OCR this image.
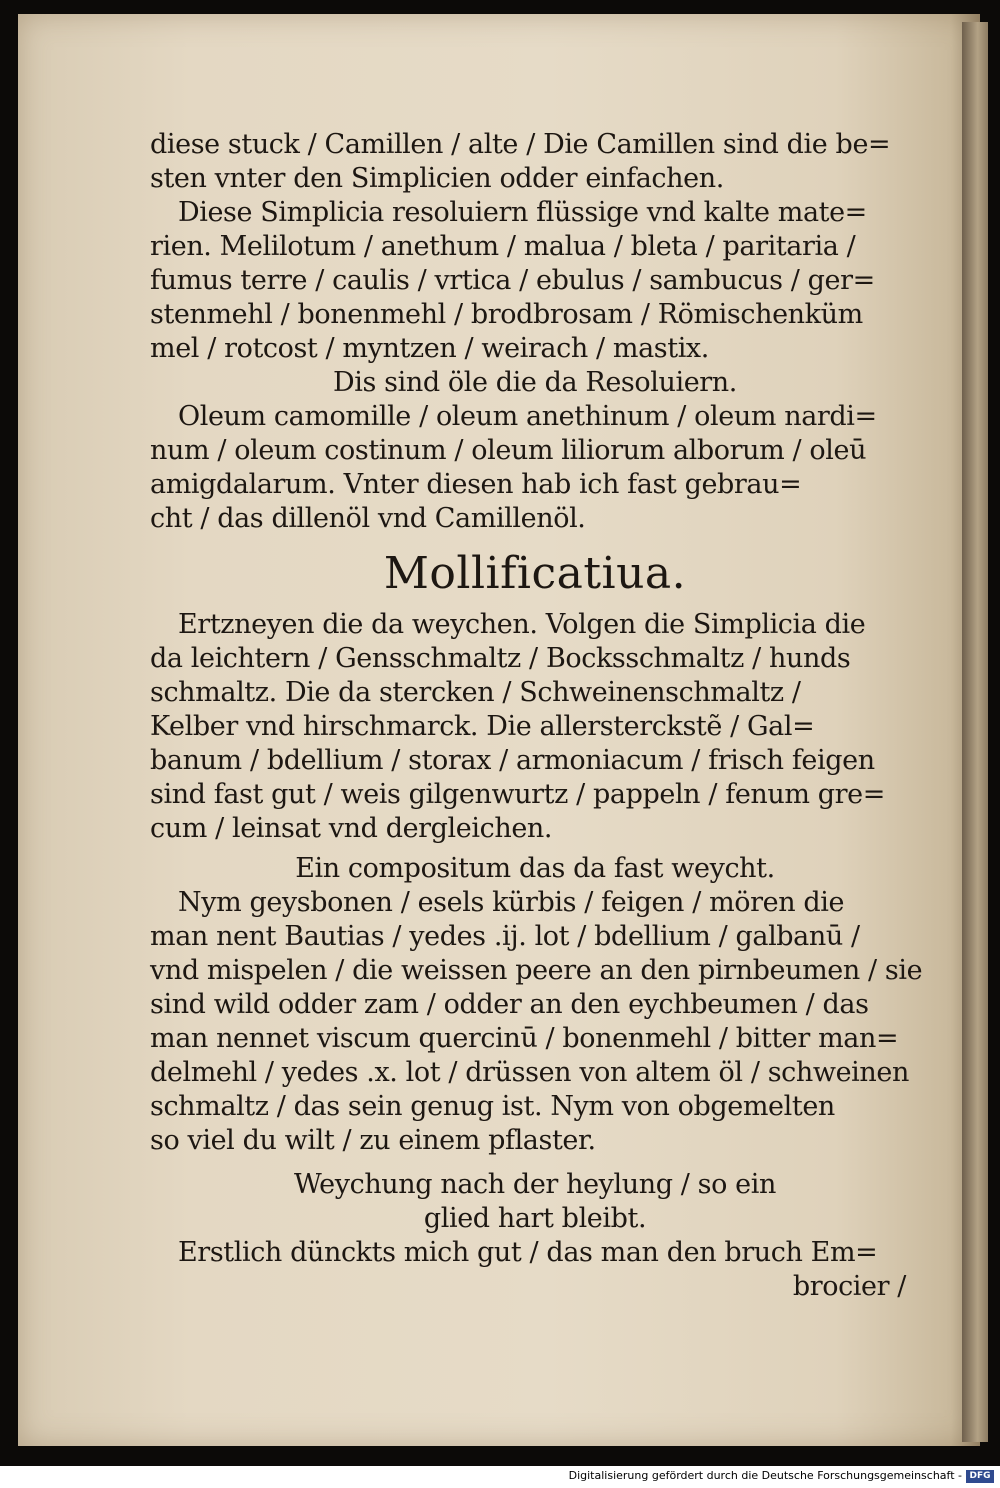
diese stuck / Camillen / alte / Die Camillen sind die be=
sten vnter den Simplicien odder einfachen.
Diese Simplicia resoluiern flüssige vnd kalte mate=
rien. Melilotum / anethum / malua / bleta / paritaria /
fumus terre / caulis / vrtica / ebulus / sambucus / ger=
stenmehl / bonenmehl / brodbrosam / Römischenküm
mel / rotcost / myntzen / weirach / mastix.
Dis sind öle die da Resoluiern.
Oleum camomille / oleum anethinum / oleum nardi=
num / oleum costinum / oleum liliorum alborum / oleū
amigdalarum. Vnter diesen hab ich fast gebrau=
cht / das dillenöl vnd Camillenöl.
Mollificatiua.
Ertzneyen die da weychen. Volgen die Simplicia die
da leichtern / Gensschmaltz / Bocksschmaltz / hunds
schmaltz. Die da stercken / Schweinenschmaltz /
Kelber vnd hirschmarck. Die allersterckstẽ / Gal=
banum / bdellium / storax / armoniacum / frisch feigen
sind fast gut / weis gilgenwurtz / pappeln / fenum gre=
cum / leinsat vnd dergleichen.
Ein compositum das da fast weycht.
Nym geysbonen / esels kürbis / feigen / mören die
man nent Bautias / yedes .ij. lot / bdellium / galbanū /
vnd mispelen / die weissen peere an den pirnbeumen / sie
sind wild odder zam / odder an den eychbeumen / das
man nennet viscum quercinū / bonenmehl / bitter man=
delmehl / yedes .x. lot / drüssen von altem öl / schweinen
schmaltz / das sein genug ist. Nym von obgemelten
so viel du wilt / zu einem pflaster.
Weychung nach der heylung / so ein
glied hart bleibt.
Erstlich dünckts mich gut / das man den bruch Em=
brocier /
Digitalisierung gefördert durch die Deutsche Forschungsgemeinschaft - DFG
